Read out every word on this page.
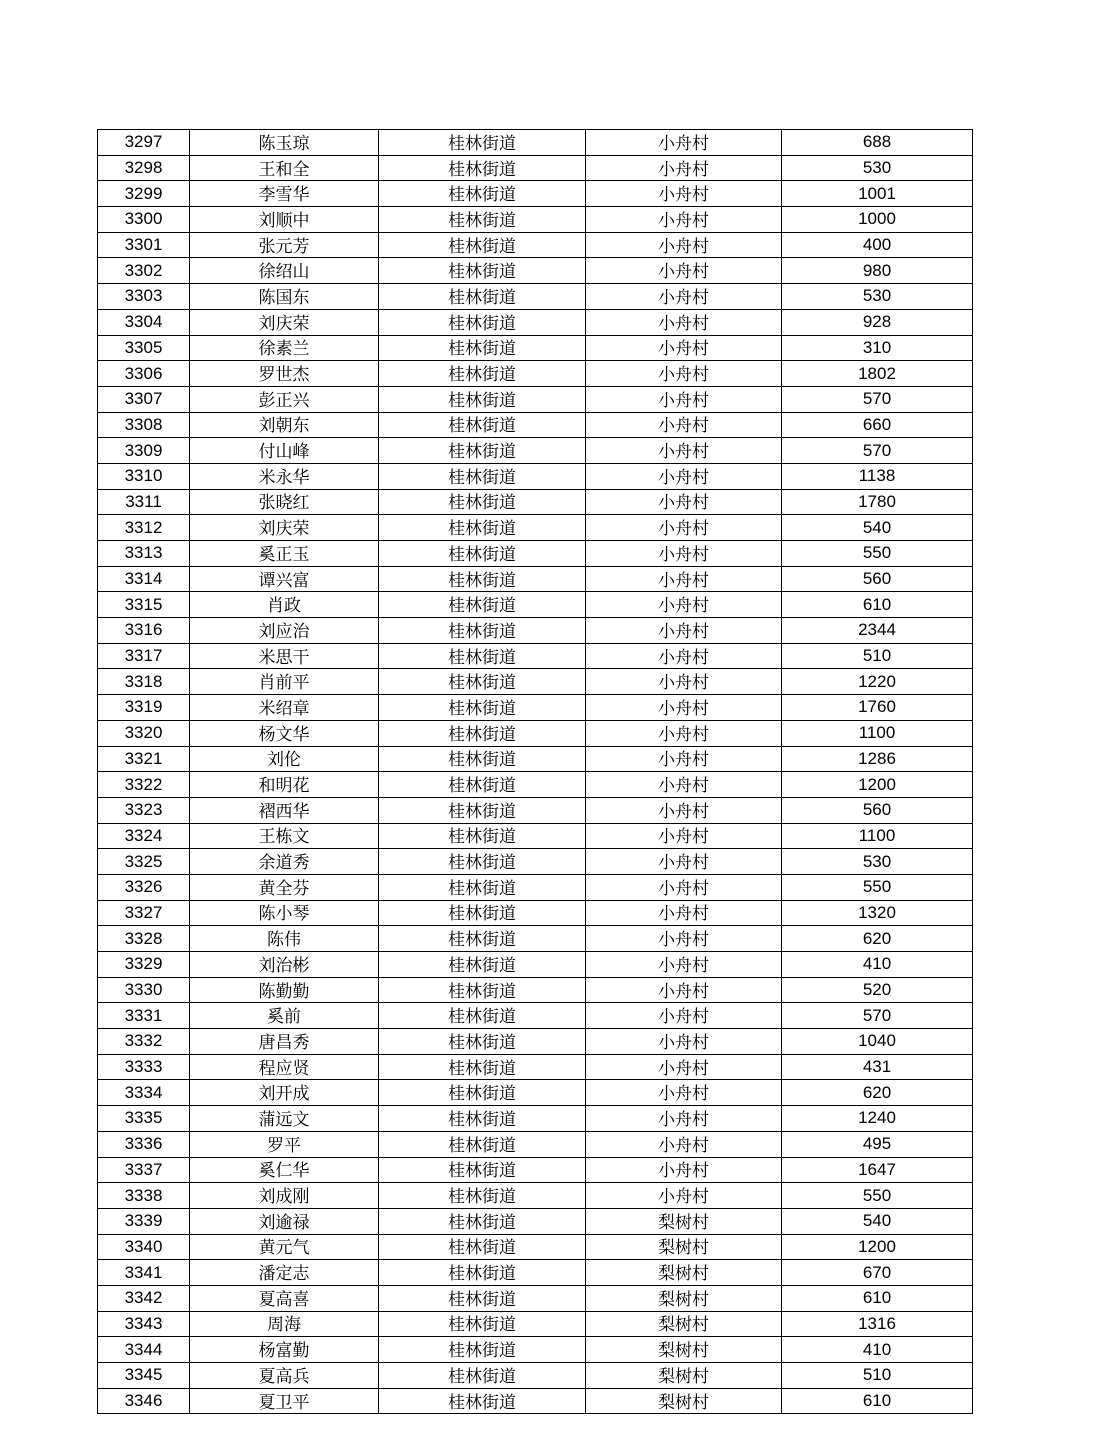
3297	陈玉琼	桂林街道	小舟村	688
3298	王和全	桂林街道	小舟村	530
3299	李雪华	桂林街道	小舟村	1001
3300	刘顺中	桂林街道	小舟村	1000
3301	张元芳	桂林街道	小舟村	400
3302	徐绍山	桂林街道	小舟村	980
3303	陈国东	桂林街道	小舟村	530
3304	刘庆荣	桂林街道	小舟村	928
3305	徐素兰	桂林街道	小舟村	310
3306	罗世杰	桂林街道	小舟村	1802
3307	彭正兴	桂林街道	小舟村	570
3308	刘朝东	桂林街道	小舟村	660
3309	付山峰	桂林街道	小舟村	570
3310	米永华	桂林街道	小舟村	1138
3311	张晓红	桂林街道	小舟村	1780
3312	刘庆荣	桂林街道	小舟村	540
3313	奚正玉	桂林街道	小舟村	550
3314	谭兴富	桂林街道	小舟村	560
3315	肖政	桂林街道	小舟村	610
3316	刘应治	桂林街道	小舟村	2344
3317	米思干	桂林街道	小舟村	510
3318	肖前平	桂林街道	小舟村	1220
3319	米绍章	桂林街道	小舟村	1760
3320	杨文华	桂林街道	小舟村	1100
3321	刘伦	桂林街道	小舟村	1286
3322	和明花	桂林街道	小舟村	1200
3323	褶西华	桂林街道	小舟村	560
3324	王栋文	桂林街道	小舟村	1100
3325	余道秀	桂林街道	小舟村	530
3326	黄全芬	桂林街道	小舟村	550
3327	陈小琴	桂林街道	小舟村	1320
3328	陈伟	桂林街道	小舟村	620
3329	刘治彬	桂林街道	小舟村	410
3330	陈勤勤	桂林街道	小舟村	520
3331	奚前	桂林街道	小舟村	570
3332	唐昌秀	桂林街道	小舟村	1040
3333	程应贤	桂林街道	小舟村	431
3334	刘开成	桂林街道	小舟村	620
3335	蒲远文	桂林街道	小舟村	1240
3336	罗平	桂林街道	小舟村	495
3337	奚仁华	桂林街道	小舟村	1647
3338	刘成刚	桂林街道	小舟村	550
3339	刘逾禄	桂林街道	梨树村	540
3340	黄元气	桂林街道	梨树村	1200
3341	潘定志	桂林街道	梨树村	670
3342	夏高喜	桂林街道	梨树村	610
3343	周海	桂林街道	梨树村	1316
3344	杨富勤	桂林街道	梨树村	410
3345	夏高兵	桂林街道	梨树村	510
3346	夏卫平	桂林街道	梨树村	610
